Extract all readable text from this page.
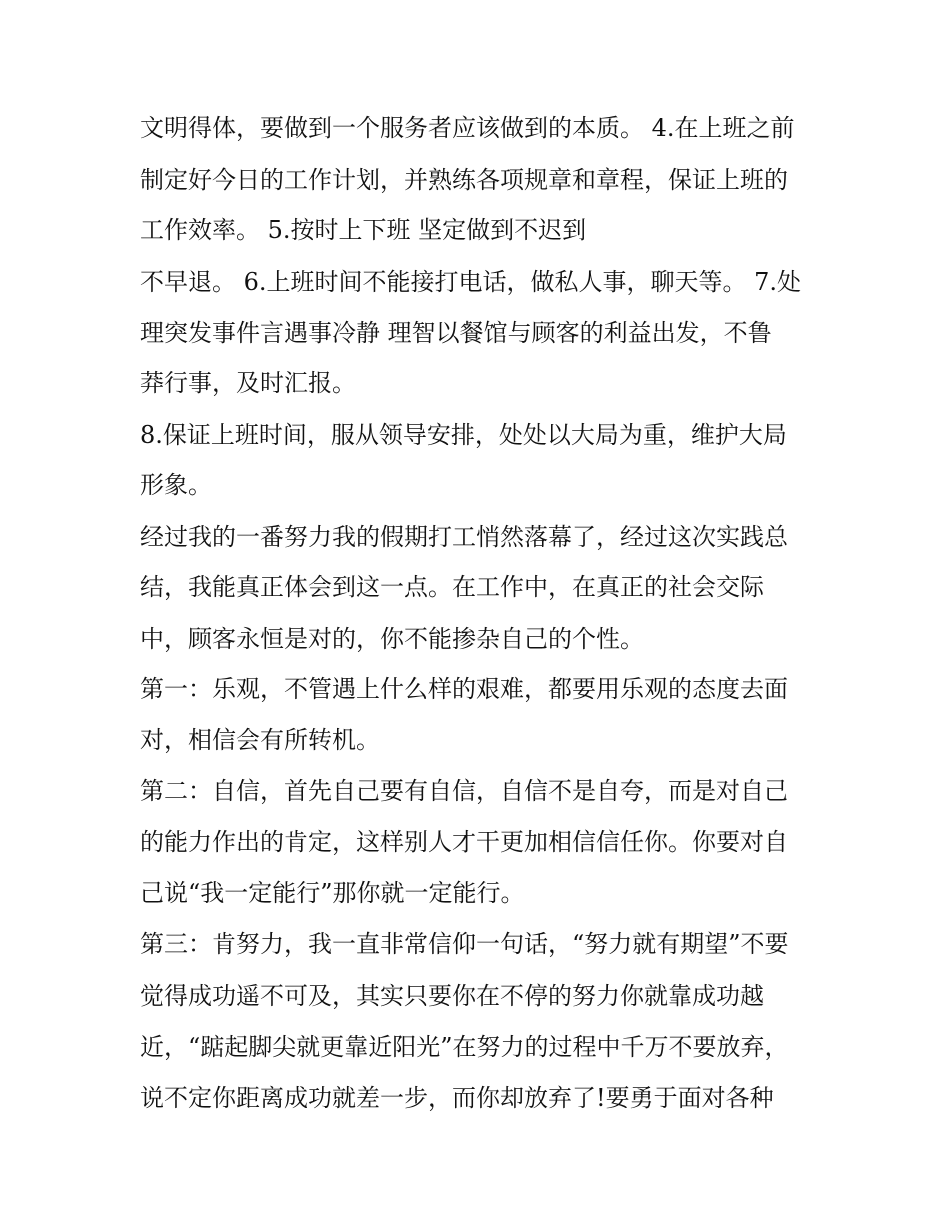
文明得体，要做到一个服务者应该做到的本质。 4.在上班之前

制定好今日的工作计划，并熟练各项规章和章程，保证上班的

工作效率。 5.按时上下班 坚定做到不迟到

不早退。 6.上班时间不能接打电话，做私人事，聊天等。 7.处

理突发事件言遇事冷静 理智以餐馆与顾客的利益出发，不鲁

莽行事，及时汇报。

8.保证上班时间，服从领导安排，处处以大局为重，维护大局

形象。

经过我的一番努力我的假期打工悄然落幕了，经过这次实践总

结，我能真正体会到这一点。在工作中，在真正的社会交际

中，顾客永恒是对的，你不能掺杂自己的个性。

第一：乐观，不管遇上什么样的艰难，都要用乐观的态度去面

对，相信会有所转机。

第二：自信，首先自己要有自信，自信不是自夸，而是对自己

的能力作出的肯定，这样别人才干更加相信信任你。你要对自

己说“我一定能行”那你就一定能行。

第三：肯努力，我一直非常信仰一句话，“努力就有期望”不要

觉得成功遥不可及，其实只要你在不停的努力你就靠成功越

近，“踮起脚尖就更靠近阳光”在努力的过程中千万不要放弃，

说不定你距离成功就差一步，而你却放弃了!要勇于面对各种
